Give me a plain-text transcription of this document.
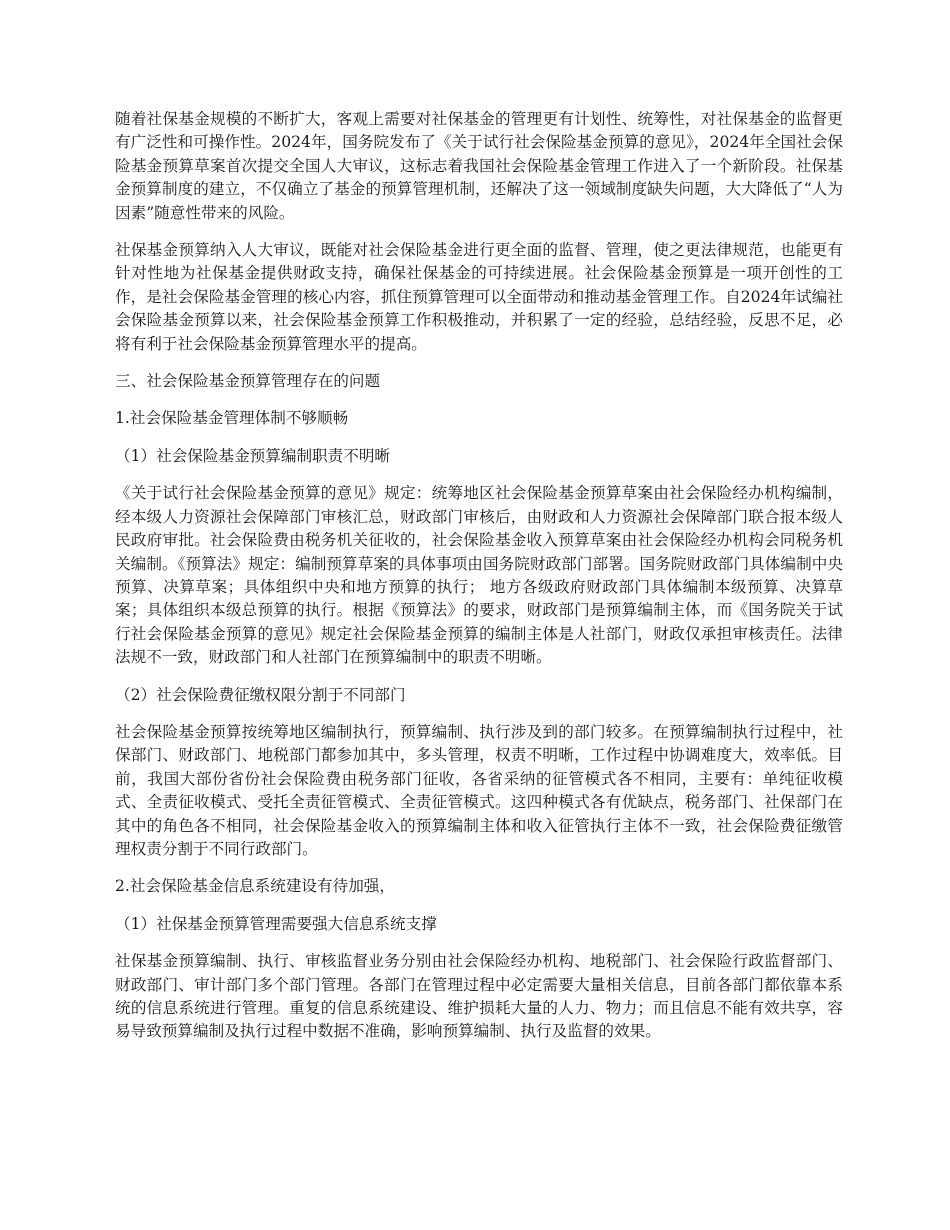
随着社保基金规模的不断扩大，客观上需要对社保基金的管理更有计划性、统筹性，对社保基金的监督更有广泛性和可操作性。2024年，国务院发布了《关于试行社会保险基金预算的意见》，2024年全国社会保险基金预算草案首次提交全国人大审议，这标志着我国社会保险基金管理工作进入了一个新阶段。社保基金预算制度的建立，不仅确立了基金的预算管理机制，还解决了这一领域制度缺失问题，大大降低了“人为因素”随意性带来的风险。

社保基金预算纳入人大审议，既能对社会保险基金进行更全面的监督、管理，使之更法律规范，也能更有针对性地为社保基金提供财政支持，确保社保基金的可持续进展。社会保险基金预算是一项开创性的工作，是社会保险基金管理的核心内容，抓住预算管理可以全面带动和推动基金管理工作。自2024年试编社会保险基金预算以来，社会保险基金预算工作积极推动，并积累了一定的经验，总结经验，反思不足，必将有利于社会保险基金预算管理水平的提高。

三、社会保险基金预算管理存在的问题

1.社会保险基金管理体制不够顺畅

（1）社会保险基金预算编制职责不明晰

《关于试行社会保险基金预算的意见》规定：统筹地区社会保险基金预算草案由社会保险经办机构编制，经本级人力资源社会保障部门审核汇总，财政部门审核后，由财政和人力资源社会保障部门联合报本级人民政府审批。社会保险费由税务机关征收的，社会保险基金收入预算草案由社会保险经办机构会同税务机关编制。《预算法》规定：编制预算草案的具体事项由国务院财政部门部署。国务院财政部门具体编制中央预算、决算草案；具体组织中央和地方预算的执行； 地方各级政府财政部门具体编制本级预算、决算草案；具体组织本级总预算的执行。根据《预算法》的要求，财政部门是预算编制主体，而《国务院关于试行社会保险基金预算的意见》规定社会保险基金预算的编制主体是人社部门，财政仅承担审核责任。法律法规不一致，财政部门和人社部门在预算编制中的职责不明晰。

（2）社会保险费征缴权限分割于不同部门

社会保险基金预算按统筹地区编制执行，预算编制、执行涉及到的部门较多。在预算编制执行过程中，社保部门、财政部门、地税部门都参加其中，多头管理，权责不明晰，工作过程中协调难度大，效率低。目前，我国大部份省份社会保险费由税务部门征收，各省采纳的征管模式各不相同，主要有：单纯征收模式、全责征收模式、受托全责征管模式、全责征管模式。这四种模式各有优缺点，税务部门、社保部门在其中的角色各不相同，社会保险基金收入的预算编制主体和收入征管执行主体不一致，社会保险费征缴管理权责分割于不同行政部门。

2.社会保险基金信息系统建设有待加强，

（1）社保基金预算管理需要强大信息系统支撑

社保基金预算编制、执行、审核监督业务分别由社会保险经办机构、地税部门、社会保险行政监督部门、财政部门、审计部门多个部门管理。各部门在管理过程中必定需要大量相关信息，目前各部门都依靠本系统的信息系统进行管理。重复的信息系统建设、维护损耗大量的人力、物力；而且信息不能有效共享，容易导致预算编制及执行过程中数据不准确，影响预算编制、执行及监督的效果。
